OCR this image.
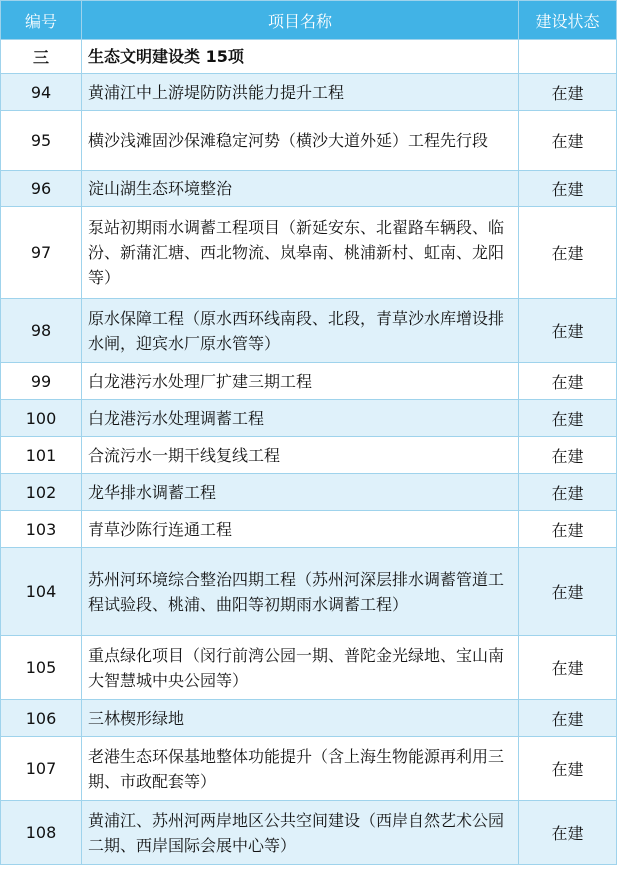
编号	项目名称	建设状态
三	生态文明建设类 15项	
94	黄浦江中上游堤防防洪能力提升工程	在建
95	横沙浅滩固沙保滩稳定河势（横沙大道外延）工程先行段	在建
96	淀山湖生态环境整治	在建
97	泵站初期雨水调蓄工程项目（新延安东、北翟路车辆段、临汾、新蒲汇塘、西北物流、岚皋南、桃浦新村、虹南、龙阳等）	在建
98	原水保障工程（原水西环线南段、北段，青草沙水库增设排水闸，迎宾水厂原水管等）	在建
99	白龙港污水处理厂扩建三期工程	在建
100	白龙港污水处理调蓄工程	在建
101	合流污水一期干线复线工程	在建
102	龙华排水调蓄工程	在建
103	青草沙陈行连通工程	在建
104	苏州河环境综合整治四期工程（苏州河深层排水调蓄管道工程试验段、桃浦、曲阳等初期雨水调蓄工程）	在建
105	重点绿化项目（闵行前湾公园一期、普陀金光绿地、宝山南大智慧城中央公园等）	在建
106	三林楔形绿地	在建
107	老港生态环保基地整体功能提升（含上海生物能源再利用三期、市政配套等）	在建
108	黄浦江、苏州河两岸地区公共空间建设（西岸自然艺术公园二期、西岸国际会展中心等）	在建
